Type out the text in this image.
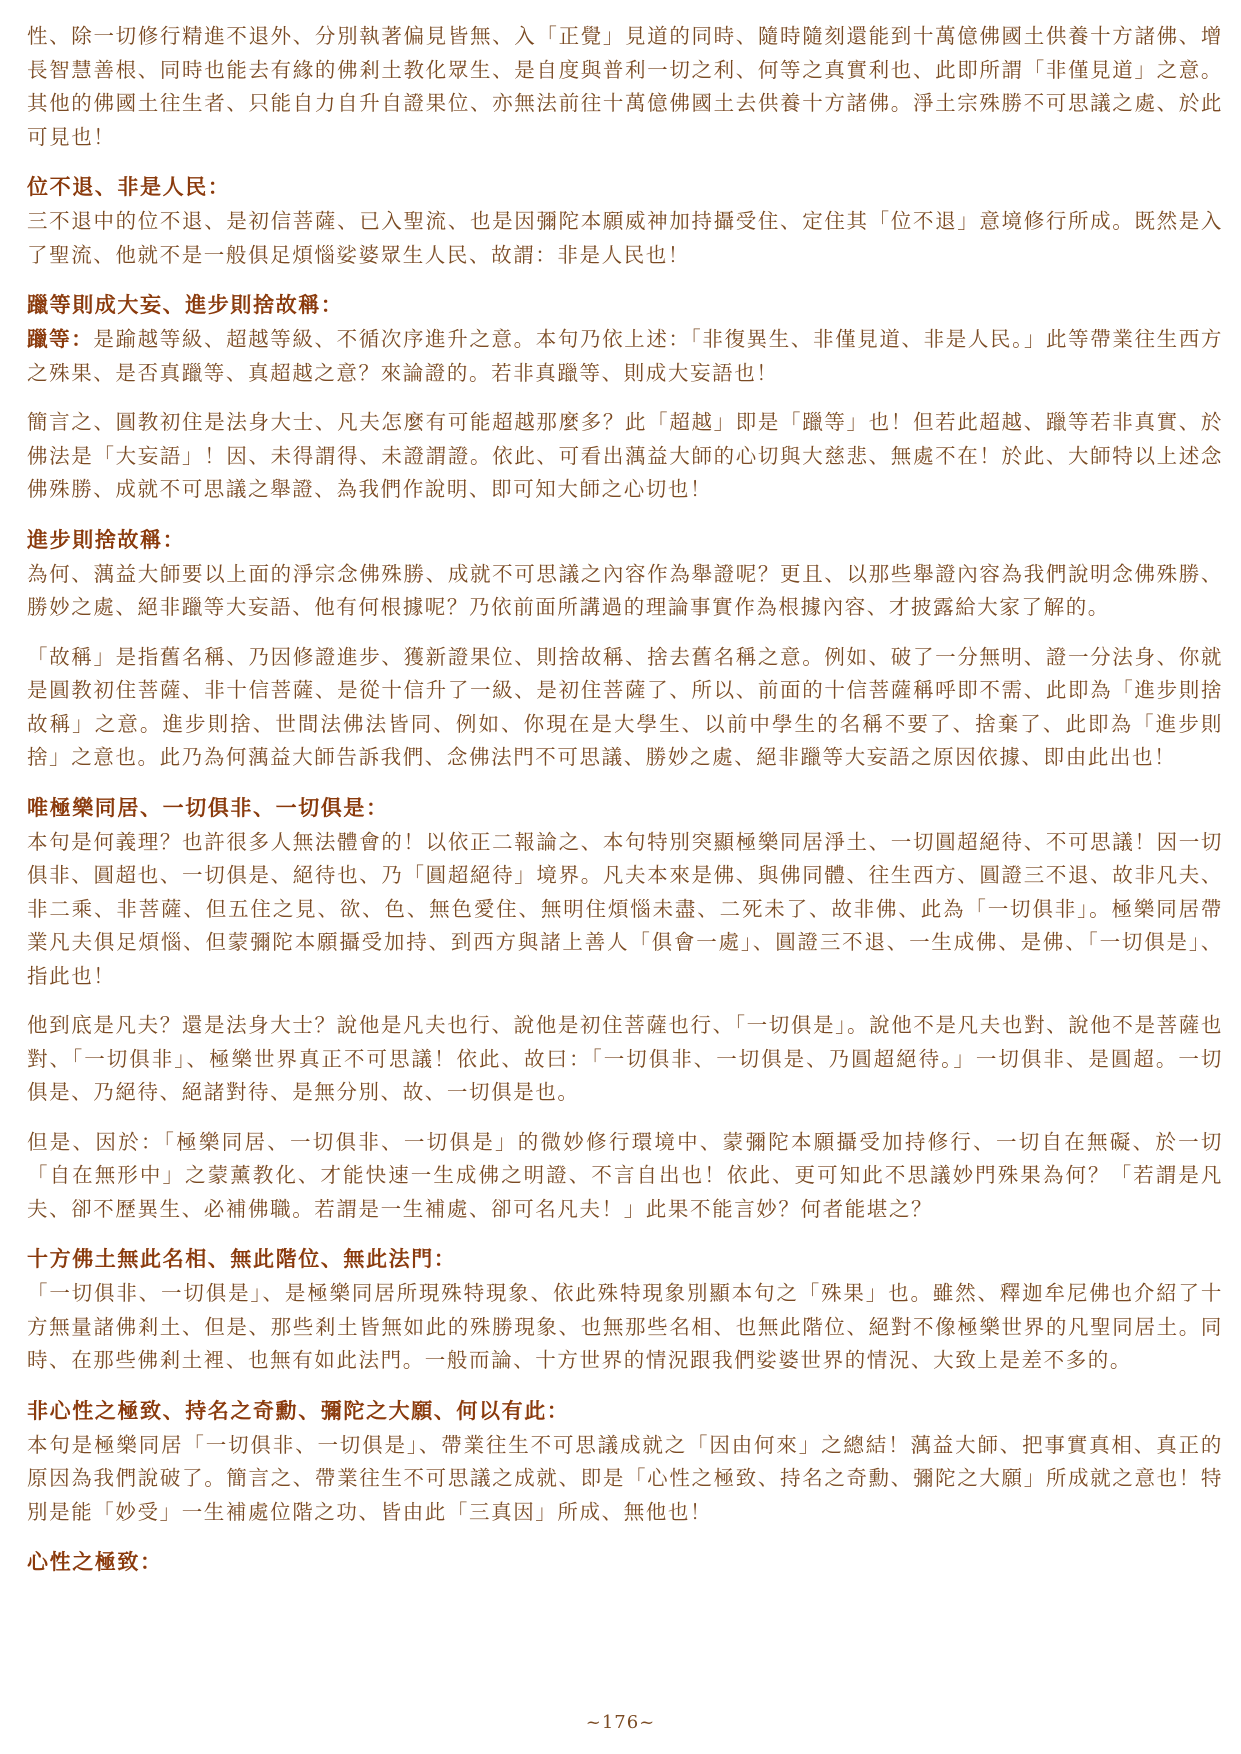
性、除一切修行精進不退外、分別執著偏見皆無、入「正覺」見道的同時、隨時隨刻還能到十萬億佛國土供養十方諸佛、增長智慧善根、同時也能去有緣的佛剎土教化眾生、是自度與普利一切之利、何等之真實利也、此即所謂「非僅見道」之意。其他的佛國土往生者、只能自力自升自證果位、亦無法前往十萬億佛國土去供養十方諸佛。淨土宗殊勝不可思議之處、於此可見也！

位不退、非是人民：

三不退中的位不退、是初信菩薩、已入聖流、也是因彌陀本願威神加持攝受住、定住其「位不退」意境修行所成。既然是入了聖流、他就不是一般俱足煩惱娑婆眾生人民、故謂：非是人民也！

躐等則成大妄、進步則捨故稱：

躐等：是踰越等級、超越等級、不循次序進升之意。本句乃依上述：「非復異生、非僅見道、非是人民。」此等帶業往生西方之殊果、是否真躐等、真超越之意？來論證的。若非真躐等、則成大妄語也！

簡言之、圓教初住是法身大士、凡夫怎麼有可能超越那麼多？此「超越」即是「躐等」也！但若此超越、躐等若非真實、於佛法是「大妄語」！因、未得謂得、未證謂證。依此、可看出蕅益大師的心切與大慈悲、無處不在！於此、大師特以上述念佛殊勝、成就不可思議之舉證、為我們作說明、即可知大師之心切也！

進步則捨故稱：

為何、蕅益大師要以上面的淨宗念佛殊勝、成就不可思議之內容作為舉證呢？更且、以那些舉證內容為我們說明念佛殊勝、勝妙之處、絕非躐等大妄語、他有何根據呢？乃依前面所講過的理論事實作為根據內容、才披露給大家了解的。

「故稱」是指舊名稱、乃因修證進步、獲新證果位、則捨故稱、捨去舊名稱之意。例如、破了一分無明、證一分法身、你就是圓教初住菩薩、非十信菩薩、是從十信升了一級、是初住菩薩了、所以、前面的十信菩薩稱呼即不需、此即為「進步則捨故稱」之意。進步則捨、世間法佛法皆同、例如、你現在是大學生、以前中學生的名稱不要了、捨棄了、此即為「進步則捨」之意也。此乃為何蕅益大師告訴我們、念佛法門不可思議、勝妙之處、絕非躐等大妄語之原因依據、即由此出也！

唯極樂同居、一切俱非、一切俱是：

本句是何義理？也許很多人無法體會的！以依正二報論之、本句特別突顯極樂同居淨土、一切圓超絕待、不可思議！因一切俱非、圓超也、一切俱是、絕待也、乃「圓超絕待」境界。凡夫本來是佛、與佛同體、往生西方、圓證三不退、故非凡夫、非二乘、非菩薩、但五住之見、欲、色、無色愛住、無明住煩惱未盡、二死未了、故非佛、此為「一切俱非」。極樂同居帶業凡夫俱足煩惱、但蒙彌陀本願攝受加持、到西方與諸上善人「俱會一處」、圓證三不退、一生成佛、是佛、「一切俱是」、指此也！

他到底是凡夫？還是法身大士？說他是凡夫也行、說他是初住菩薩也行、「一切俱是」。說他不是凡夫也對、說他不是菩薩也對、「一切俱非」、極樂世界真正不可思議！依此、故曰：「一切俱非、一切俱是、乃圓超絕待。」一切俱非、是圓超。一切俱是、乃絕待、絕諸對待、是無分別、故、一切俱是也。

但是、因於：「極樂同居、一切俱非、一切俱是」的微妙修行環境中、蒙彌陀本願攝受加持修行、一切自在無礙、於一切「自在無形中」之蒙薰教化、才能快速一生成佛之明證、不言自出也！依此、更可知此不思議妙門殊果為何？「若謂是凡夫、卻不歷異生、必補佛職。若謂是一生補處、卻可名凡夫！」此果不能言妙？何者能堪之？

十方佛土無此名相、無此階位、無此法門：

「一切俱非、一切俱是」、是極樂同居所現殊特現象、依此殊特現象別顯本句之「殊果」也。雖然、釋迦牟尼佛也介紹了十方無量諸佛剎土、但是、那些剎土皆無如此的殊勝現象、也無那些名相、也無此階位、絕對不像極樂世界的凡聖同居土。同時、在那些佛剎土裡、也無有如此法門。一般而論、十方世界的情況跟我們娑婆世界的情況、大致上是差不多的。

非心性之極致、持名之奇勳、彌陀之大願、何以有此：

本句是極樂同居「一切俱非、一切俱是」、帶業往生不可思議成就之「因由何來」之總結！蕅益大師、把事實真相、真正的原因為我們說破了。簡言之、帶業往生不可思議之成就、即是「心性之極致、持名之奇勳、彌陀之大願」所成就之意也！特別是能「妙受」一生補處位階之功、皆由此「三真因」所成、無他也！

心性之極致：
~176~
